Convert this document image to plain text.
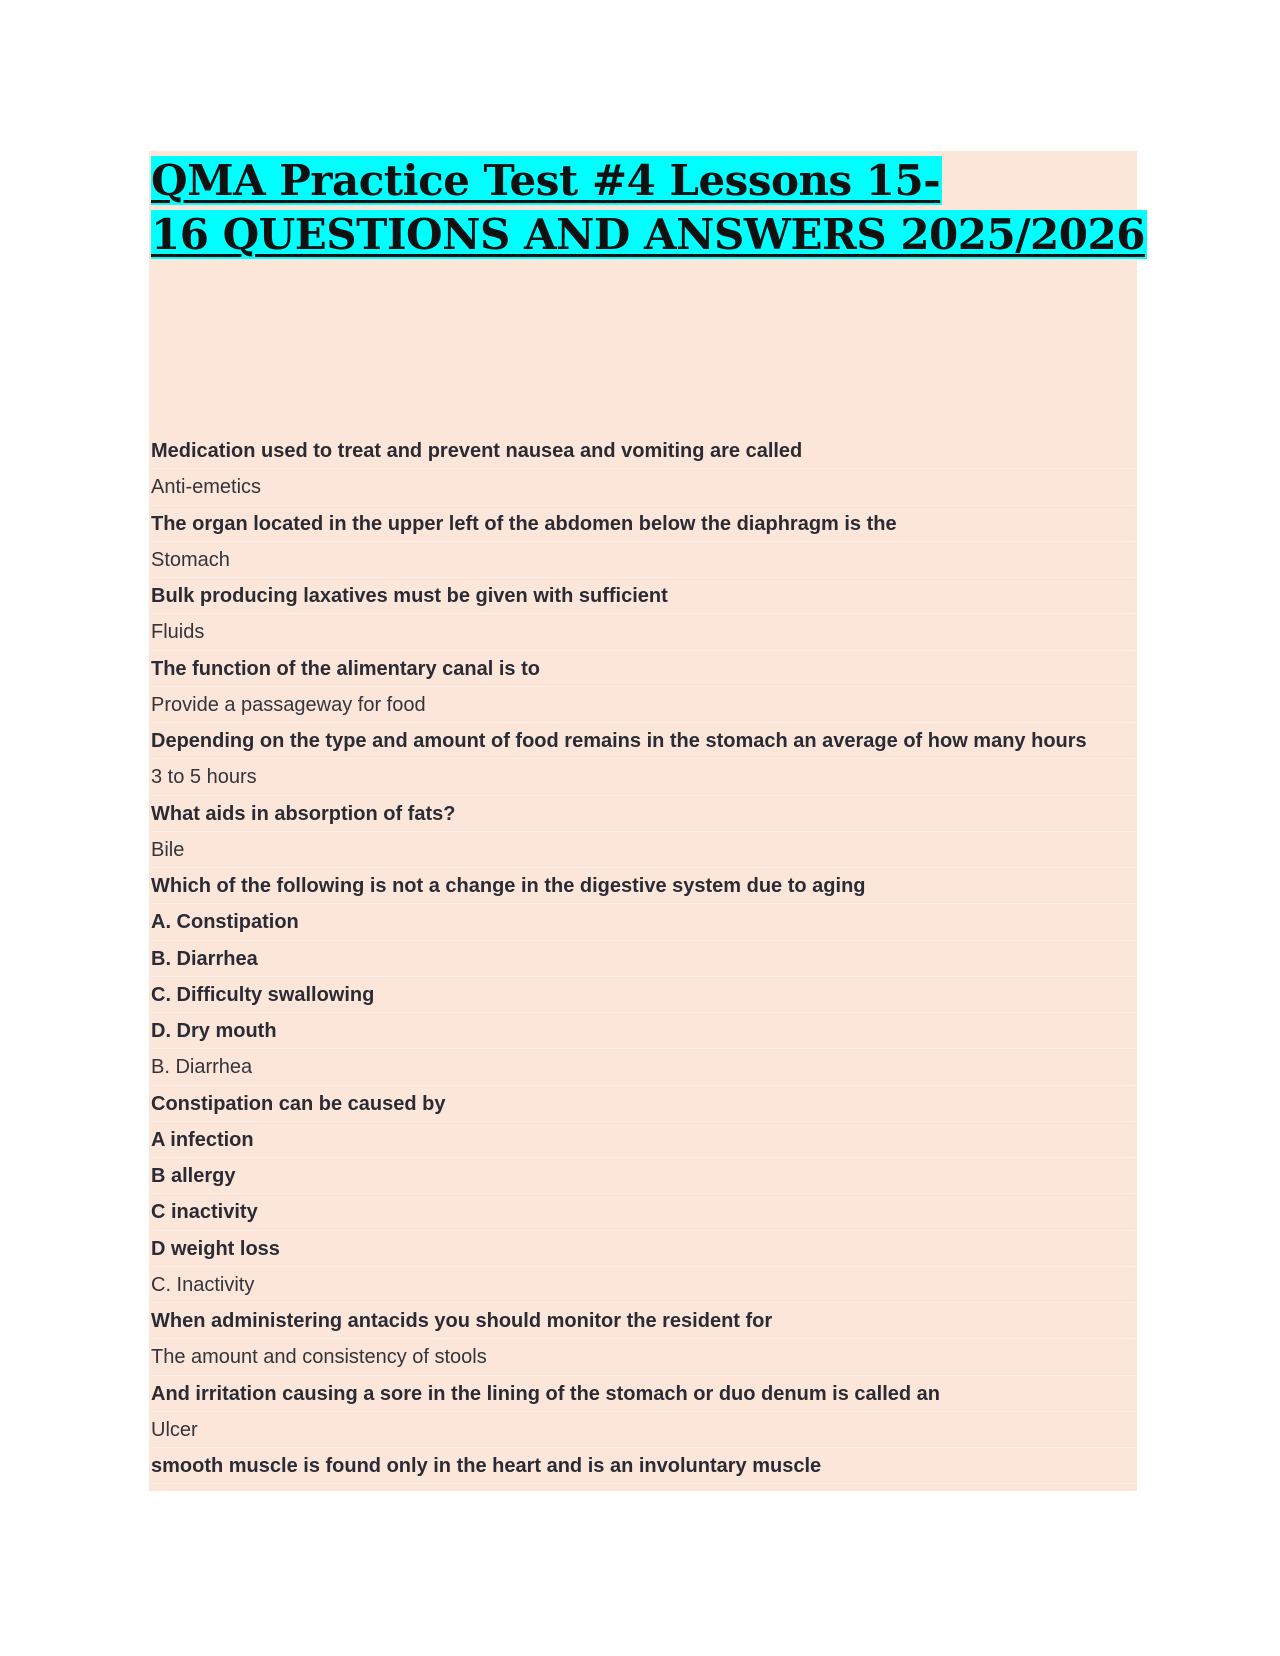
QMA Practice Test #4 Lessons 15-
16 QUESTIONS AND ANSWERS 2025/2026
Medication used to treat and prevent nausea and vomiting are called
Anti-emetics
The organ located in the upper left of the abdomen below the diaphragm is the
Stomach
Bulk producing laxatives must be given with sufficient
Fluids
The function of the alimentary canal is to
Provide a passageway for food
Depending on the type and amount of food remains in the stomach an average of how many hours
3 to 5 hours
What aids in absorption of fats?
Bile
Which of the following is not a change in the digestive system due to aging
A. Constipation
B. Diarrhea
C. Difficulty swallowing
D. Dry mouth
B. Diarrhea
Constipation can be caused by
A infection
B allergy
C inactivity
D weight loss
C. Inactivity
When administering antacids you should monitor the resident for
The amount and consistency of stools
And irritation causing a sore in the lining of the stomach or duo denum is called an
Ulcer
smooth muscle is found only in the heart and is an involuntary muscle
